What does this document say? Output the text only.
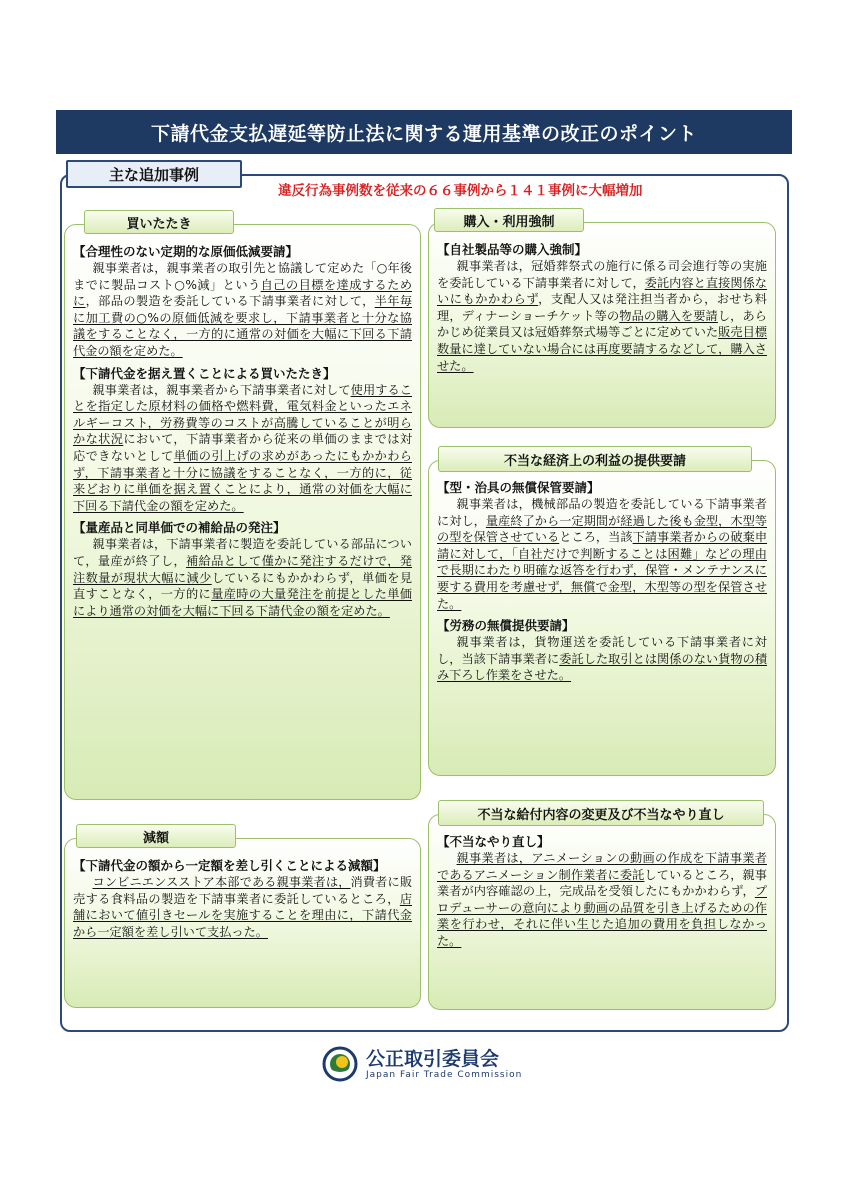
下請代金支払遅延等防止法に関する運用基準の改正のポイント
主な追加事例
違反行為事例数を従来の６６事例から１４１事例に大幅増加
買いたたき

【合理性のない定期的な原価低減要請】

親事業者は，親事業者の取引先と協議して定めた「○年後までに製品コスト○%減」という自己の目標を達成するために，部品の製造を委託している下請事業者に対して，半年毎に加工費の○%の原価低減を要求し，下請事業者と十分な協議をすることなく，一方的に通常の対価を大幅に下回る下請代金の額を定めた。

【下請代金を据え置くことによる買いたたき】

親事業者は，親事業者から下請事業者に対して使用することを指定した原材料の価格や燃料費，電気料金といったエネルギーコスト，労務費等のコストが高騰していることが明らかな状況において，下請事業者から従来の単価のままでは対応できないとして単価の引上げの求めがあったにもかかわらず，下請事業者と十分に協議をすることなく，一方的に，従来どおりに単価を据え置くことにより，通常の対価を大幅に下回る下請代金の額を定めた。

【量産品と同単価での補給品の発注】

親事業者は，下請事業者に製造を委託している部品について，量産が終了し，補給品として僅かに発注するだけで，発注数量が現状大幅に減少しているにもかかわらず，単価を見直すことなく，一方的に量産時の大量発注を前提とした単価により通常の対価を大幅に下回る下請代金の額を定めた。

減額

【下請代金の額から一定額を差し引くことによる減額】

コンビニエンスストア本部である親事業者は，消費者に販売する食料品の製造を下請事業者に委託しているところ，店舗において値引きセールを実施することを理由に，下請代金から一定額を差し引いて支払った。

購入・利用強制

【自社製品等の購入強制】

親事業者は，冠婚葬祭式の施行に係る司会進行等の実施を委託している下請事業者に対して，委託内容と直接関係ないにもかかわらず，支配人又は発注担当者から，おせち料理，ディナーショーチケット等の物品の購入を要請し，あらかじめ従業員又は冠婚葬祭式場等ごとに定めていた販売目標数量に達していない場合には再度要請するなどして，購入させた。

不当な経済上の利益の提供要請

【型・治具の無償保管要請】

親事業者は，機械部品の製造を委託している下請事業者に対し，量産終了から一定期間が経過した後も金型，木型等の型を保管させているところ，当該下請事業者からの破棄申請に対して，「自社だけで判断することは困難」などの理由で長期にわたり明確な返答を行わず，保管・メンテナンスに要する費用を考慮せず，無償で金型，木型等の型を保管させた。

【労務の無償提供要請】

親事業者は，貨物運送を委託している下請事業者に対し，当該下請事業者に委託した取引とは関係のない貨物の積み下ろし作業をさせた。

不当な給付内容の変更及び不当なやり直し

【不当なやり直し】

親事業者は，アニメーションの動画の作成を下請事業者であるアニメーション制作業者に委託しているところ，親事業者が内容確認の上，完成品を受領したにもかかわらず，プロデューサーの意向により動画の品質を引き上げるための作業を行わせ，それに伴い生じた追加の費用を負担しなかった。

公正取引委員会
Japan Fair Trade Commission
